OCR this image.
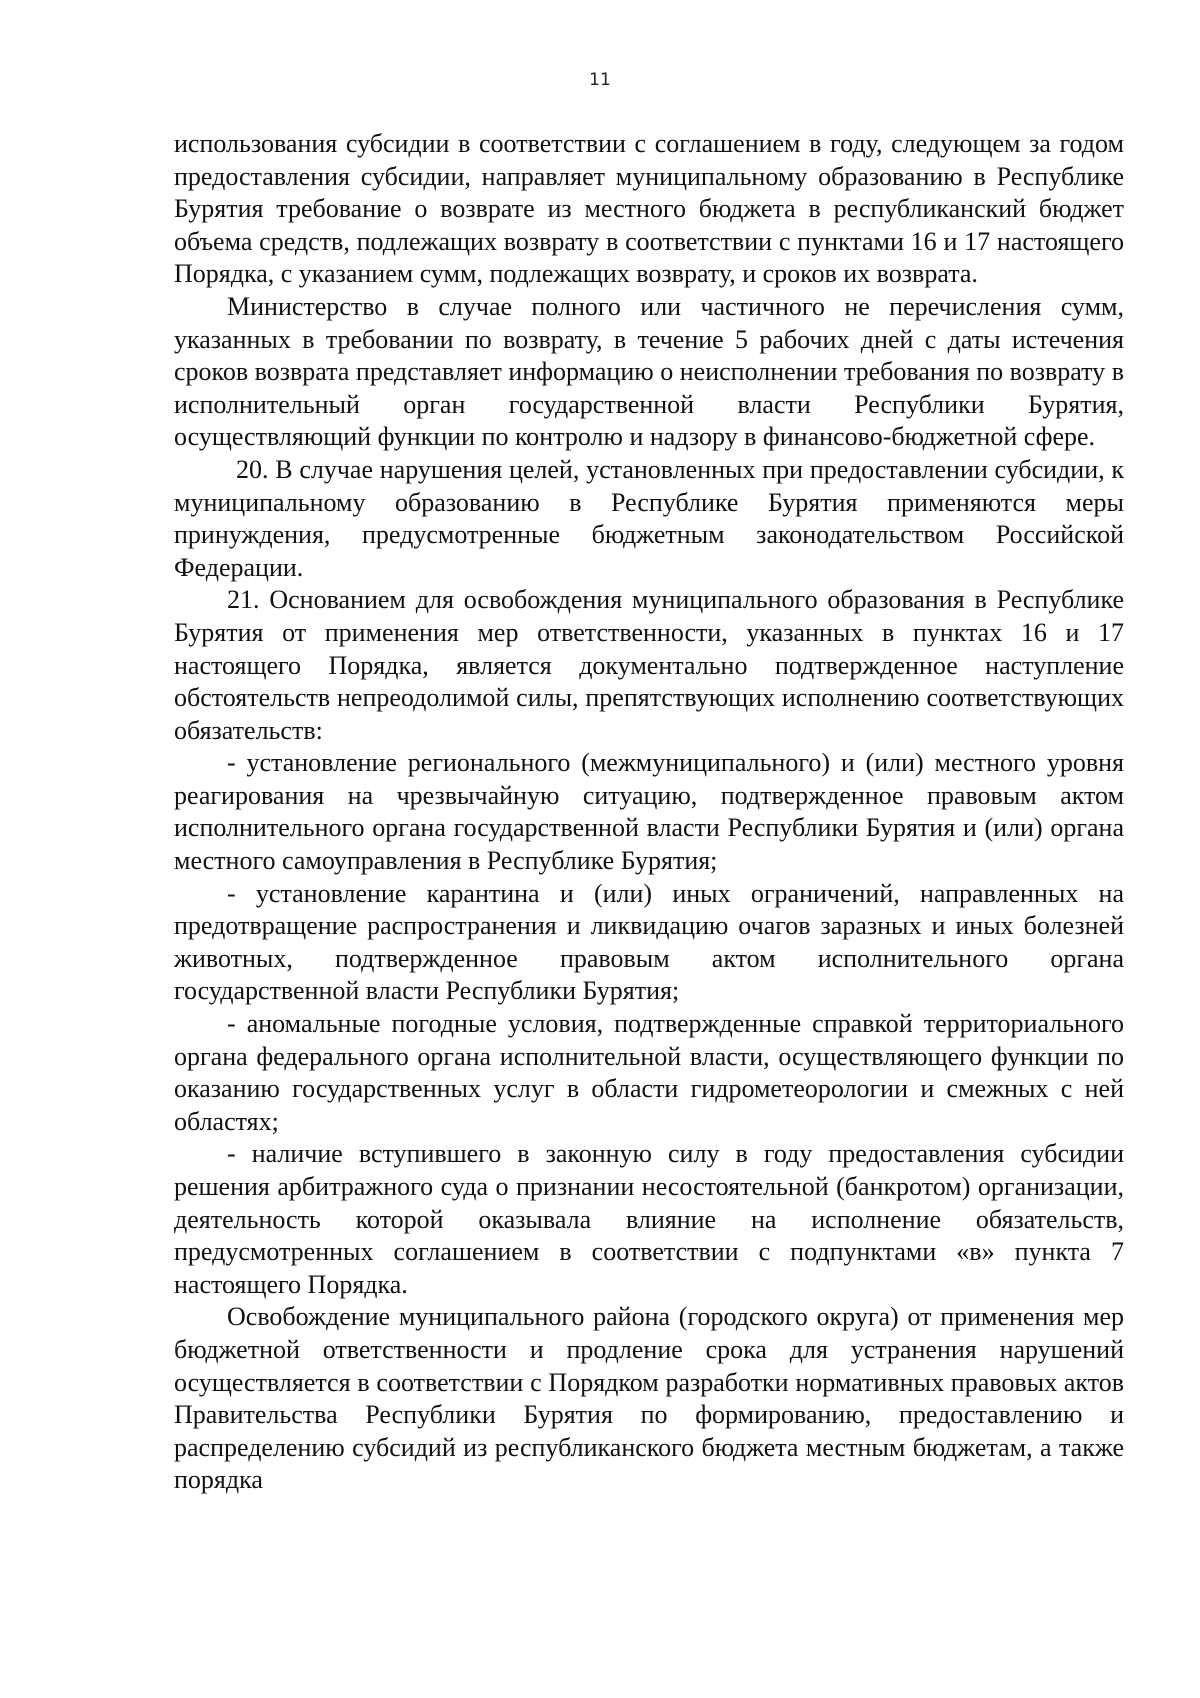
11

использования субсидии в соответствии с соглашением в году, следующем за годом предоставления субсидии, направляет муниципальному образованию в Республике Бурятия требование о возврате из местного бюджета в республиканский бюджет объема средств, подлежащих возврату в соответствии с пунктами 16 и 17 настоящего Порядка, с указанием сумм, подлежащих возврату, и сроков их возврата.

Министерство в случае полного или частичного не перечисления сумм, указанных в требовании по возврату, в течение 5 рабочих дней с даты истечения сроков возврата представляет информацию о неисполнении требования по возврату в исполнительный орган государственной власти Республики Бурятия, осуществляющий функции по контролю и надзору в финансово-бюджетной сфере.

20. В случае нарушения целей, установленных при предоставлении субсидии, к муниципальному образованию в Республике Бурятия применяются меры принуждения, предусмотренные бюджетным законодательством Российской Федерации.

21. Основанием для освобождения муниципального образования в Республике Бурятия от применения мер ответственности, указанных в пунктах 16 и 17 настоящего Порядка, является документально подтвержденное наступление обстоятельств непреодолимой силы, препятствующих исполнению соответствующих обязательств:

- установление регионального (межмуниципального) и (или) местного уровня реагирования на чрезвычайную ситуацию, подтвержденное правовым актом исполнительного органа государственной власти Республики Бурятия и (или) органа местного самоуправления в Республике Бурятия;

- установление карантина и (или) иных ограничений, направленных на предотвращение распространения и ликвидацию очагов заразных и иных болезней животных, подтвержденное правовым актом исполнительного органа государственной власти Республики Бурятия;

- аномальные погодные условия, подтвержденные справкой территориального органа федерального органа исполнительной власти, осуществляющего функции по оказанию государственных услуг в области гидрометеорологии и смежных с ней областях;

- наличие вступившего в законную силу в году предоставления субсидии решения арбитражного суда о признании несостоятельной (банкротом) организации, деятельность которой оказывала влияние на исполнение обязательств, предусмотренных соглашением в соответствии с подпунктами «в» пункта 7 настоящего Порядка.

Освобождение муниципального района (городского округа) от применения мер бюджетной ответственности и продление срока для устранения нарушений осуществляется в соответствии с Порядком разработки нормативных правовых актов Правительства Республики Бурятия по формированию, предоставлению и распределению субсидий из республиканского бюджета местным бюджетам, а также порядка
